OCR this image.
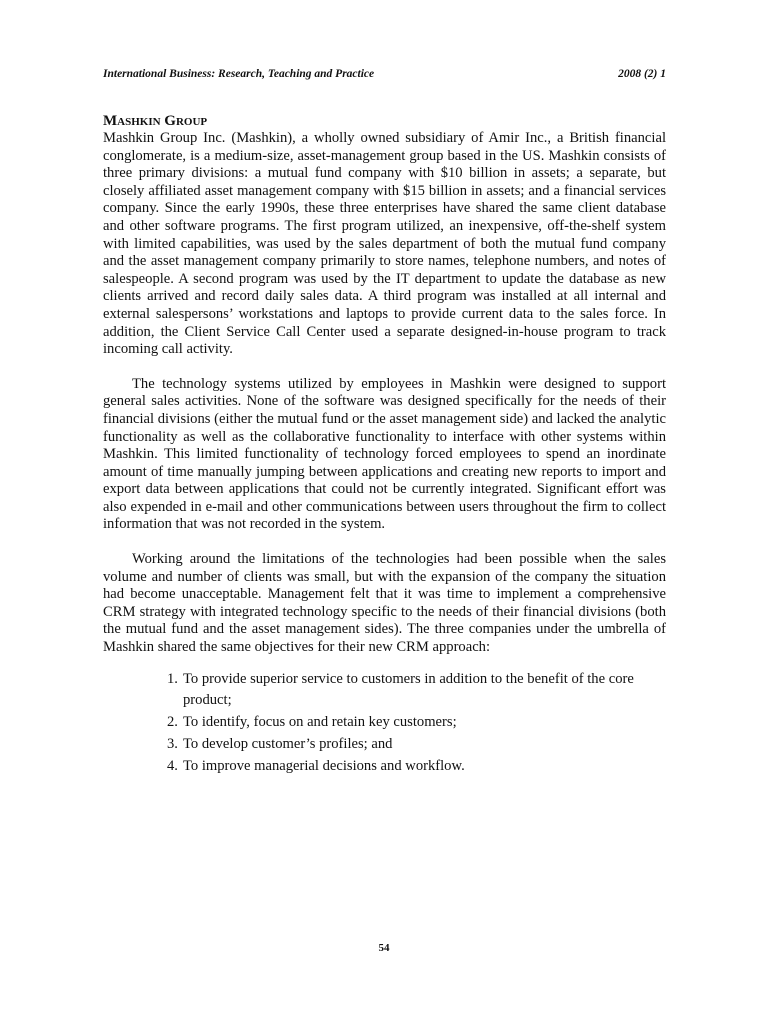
International Business: Research, Teaching and Practice	2008 (2) 1
Mashkin Group

Mashkin Group Inc. (Mashkin), a wholly owned subsidiary of Amir Inc., a British financial conglomerate, is a medium-size, asset-management group based in the US. Mashkin consists of three primary divisions: a mutual fund company with $10 billion in assets; a separate, but closely affiliated asset management company with $15 billion in assets; and a financial services company. Since the early 1990s, these three enterprises have shared the same client database and other software programs. The first program utilized, an inexpensive, off-the-shelf system with limited capabilities, was used by the sales department of both the mutual fund company and the asset management company primarily to store names, telephone numbers, and notes of salespeople. A second program was used by the IT department to update the database as new clients arrived and record daily sales data. A third program was installed at all internal and external salespersons’ workstations and laptops to provide current data to the sales force. In addition, the Client Service Call Center used a separate designed-in-house program to track incoming call activity.

The technology systems utilized by employees in Mashkin were designed to support general sales activities. None of the software was designed specifically for the needs of their financial divisions (either the mutual fund or the asset management side) and lacked the analytic functionality as well as the collaborative functionality to interface with other systems within Mashkin. This limited functionality of technology forced employees to spend an inordinate amount of time manually jumping between applications and creating new reports to import and export data between applications that could not be currently integrated. Significant effort was also expended in e-mail and other communications between users throughout the firm to collect information that was not recorded in the system.

Working around the limitations of the technologies had been possible when the sales volume and number of clients was small, but with the expansion of the company the situation had become unacceptable. Management felt that it was time to implement a comprehensive CRM strategy with integrated technology specific to the needs of their financial divisions (both the mutual fund and the asset management sides). The three companies under the umbrella of Mashkin shared the same objectives for their new CRM approach:

1. To provide superior service to customers in addition to the benefit of the core product;
2. To identify, focus on and retain key customers;
3. To develop customer’s profiles; and
4. To improve managerial decisions and workflow.
54
